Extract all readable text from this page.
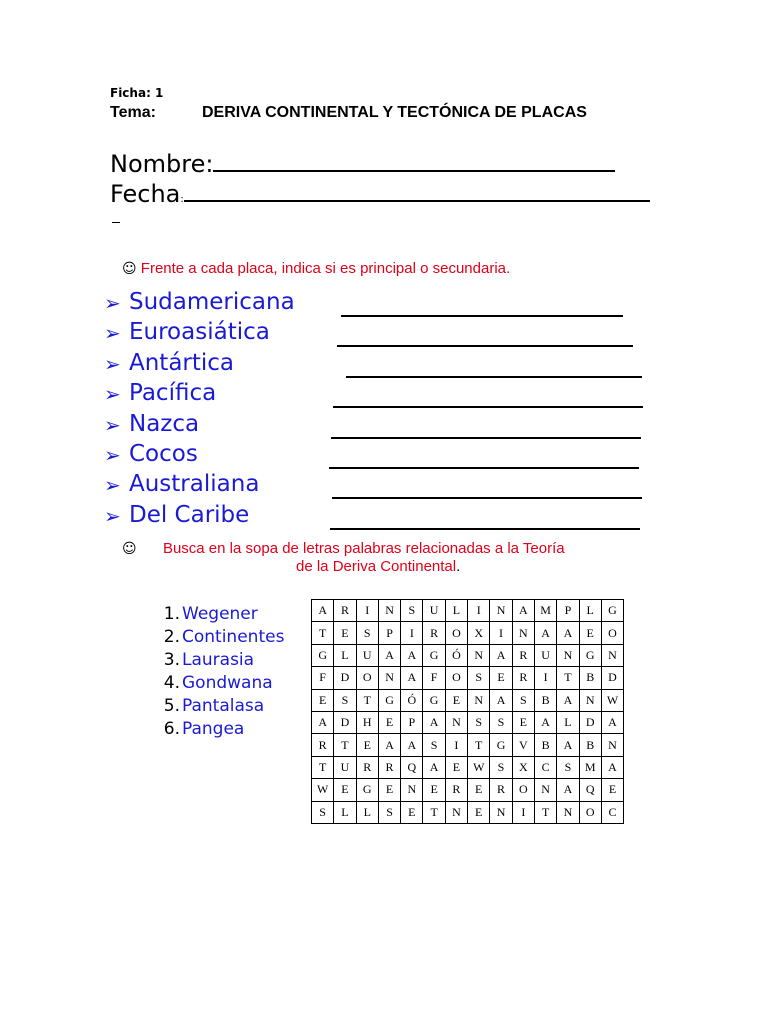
Ficha: 1
Tema:	DERIVA CONTINENTAL Y TECTÓNICA DE PLACAS
Nombre:
Fecha:
☺ Frente a cada placa, indica si es principal o secundaria.
➢ Sudamericana
➢ Euroasiática
➢ Antártica
➢ Pacífica
➢ Nazca
➢ Cocos
➢ Australiana
➢ Del Caribe
☺ Busca en la sopa de letras palabras relacionadas a la Teoría
de la Deriva Continental.
1. Wegener
2. Continentes
3. Laurasia
4. Gondwana
5. Pantalasa
6. Pangea
A	R	I	N	S	U	L	I	N	A	M	P	L	G
T	E	S	P	I	R	O	X	I	N	A	A	E	O
G	L	U	A	A	G	Ó	N	A	R	U	N	G	N
F	D	O	N	A	F	O	S	E	R	I	T	B	D
E	S	T	G	Ó	G	E	N	A	S	B	A	N	W
A	D	H	E	P	A	N	S	S	E	A	L	D	A
R	T	E	A	A	S	I	T	G	V	B	A	B	N
T	U	R	R	Q	A	E	W	S	X	C	S	M	A
W	E	G	E	N	E	R	E	R	O	N	A	Q	E
S	L	L	S	E	T	N	E	N	I	T	N	O	C
